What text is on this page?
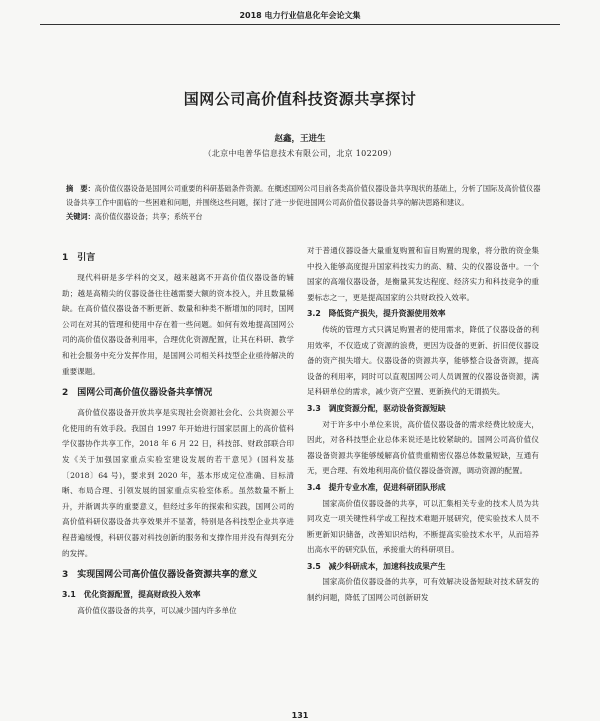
2018 电力行业信息化年会论文集
国网公司高价值科技资源共享探讨
赵鑫，王进生
（北京中电普华信息技术有限公司，北京 102209）

摘　要：高价值仪器设备是国网公司重要的科研基础条件资源。在概述国网公司目前各类高价值仪器设备共享现状的基础上，分析了国际及高价值仪器设备共享工作中面临的一些困难和问题，并围绕这些问题，探讨了进一步促进国网公司高价值仪器设备共享的解决思路和建议。

关键词：高价值仪器设备；共享；系统平台

1　引言

现代科研是多学科的交叉，越来越离不开高价值仪器设备的辅助；越是高精尖的仪器设备往往越需要大额的资本投入，并且数量稀缺。在高价值仪器设备不断更新、数量和种类不断增加的同时，国网公司在对其的管理和使用中存在着一些问题。如何有效地提高国网公司的高价值仪器设备利用率，合理优化资源配置，让其在科研、教学和社会服务中充分发挥作用，是国网公司相关科技型企业亟待解决的重要课题。

2　国网公司高价值仪器设备共享情况

高价值仪器设备开放共享是实现社会资源社会化、公共资源公平化使用的有效手段。我国自 1997 年开始进行国家层面上的高价值科学仪器协作共享工作，2018 年 6 月 22 日，科技部、财政部联合印发《关于加强国家重点实验室建设发展的若干意见》(国科发基〔2018〕64 号)，要求到 2020 年，基本形成定位准确、目标清晰、布局合理、引领发展的国家重点实验室体系。虽然数量不断上升，并渐调共享的重要意义，但经过多年的探索和实践，国网公司的高价值科研仪器设备共享效果并不显著，特别是各科技型企业共享进程普遍缓慢，科研仪器对科技创新的服务和支撑作用并没有得到充分的发挥。

3　实现国网公司高价值仪器设备资源共享的意义
3.1　优化资源配置，提高财政投入效率

高价值仪器设备的共享，可以减少国内许多单位

对于普通仪器设备大量重复购置和盲目购置的现象，将分散的资金集中投入能够高度提升国家科技实力的高、精、尖的仪器设备中。一个国家的高端仪器设备，是衡量其发达程度、经济实力和科技竞争的重要标志之一，更是提高国家的公共财政投入效率。

3.2　降低资产损失，提升资源使用效率

传统的管理方式只满足购置者的使用需求，降低了仪器设备的利用效率，不仅造成了资源的浪费，更因为设备的更新、折旧使仪器设备的资产损失增大。仪器设备的资源共享，能够整合设备资源，提高设备的利用率，同时可以直观国网公司人员调置的仪器设备资源，满足科研单位的需求，减少资产空置、更新换代的无谓损失。

3.3　调度资源分配，驱动设备资源短缺

对于许多中小单位来说，高价值仪器设备的需求经费比较庞大，因此，对各科技型企业总体来说还是比较紧缺的。国网公司高价值仪器设备资源共享能够缓解高价值贵重精密仪器总体数量短缺，互通有无，更合理、有效地利用高价值仪器设备资源，调动资源的配置。

3.4　提升专业水准，促进科研团队形成

国家高价值仪器设备的共享，可以汇集相关专业的技术人员为共同攻克一项关键性科学或工程技术难题开展研究，使实验技术人员不断更新知识储备，改善知识结构，不断提高实验技术水平，从而培养出高水平的研究队伍，承接重大的科研项目。

3.5　减少科研成本，加速科技成果产生

国家高价值仪器设备的共享，可有效解决设备短缺对技术研发的制约问题，降低了国网公司创新研发

131
